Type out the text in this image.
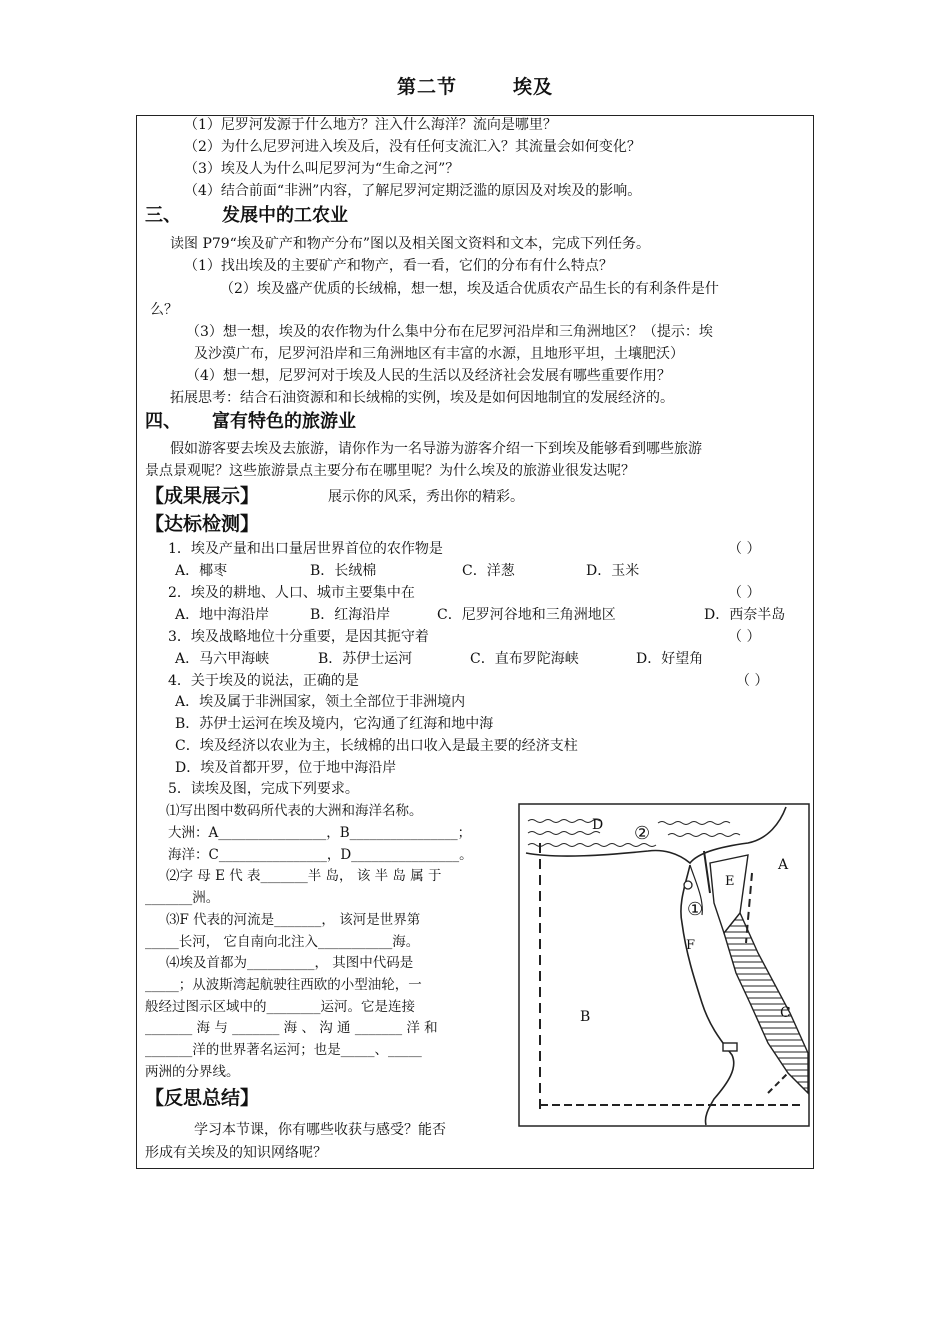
第二节	埃及
（1）尼罗河发源于什么地方？注入什么海洋？流向是哪里？
（2）为什么尼罗河进入埃及后，没有任何支流汇入？其流量会如何变化？
（3）埃及人为什么叫尼罗河为“生命之河”？
（4）结合前面“非洲”内容，了解尼罗河定期泛滥的原因及对埃及的影响。
三、 发展中的工农业
读图 P79“埃及矿产和物产分布”图以及相关图文资料和文本，完成下列任务。
（1）找出埃及的主要矿产和物产，看一看，它们的分布有什么特点？
（2）埃及盛产优质的长绒棉，想一想，埃及适合优质农产品生长的有利条件是什
么？
（3）想一想，埃及的农作物为什么集中分布在尼罗河沿岸和三角洲地区？（提示：埃
及沙漠广布，尼罗河沿岸和三角洲地区有丰富的水源，且地形平坦，土壤肥沃）
（4）想一想，尼罗河对于埃及人民的生活以及经济社会发展有哪些重要作用？
拓展思考：结合石油资源和和长绒棉的实例，埃及是如何因地制宜的发展经济的。
四、 富有特色的旅游业
假如游客要去埃及去旅游，请你作为一名导游为游客介绍一下到埃及能够看到哪些旅游
景点景观呢？这些旅游景点主要分布在哪里呢？为什么埃及的旅游业很发达呢？
【成果展示】	展示你的风采，秀出你的精彩。
【达标检测】
1．埃及产量和出口量居世界首位的农作物是	（ ）
A．椰枣	B．长绒棉	C．洋葱	D．玉米
2．埃及的耕地、人口、城市主要集中在	（ ）
A．地中海沿岸	B．红海沿岸	C．尼罗河谷地和三角洲地区	D．西奈半岛
3．埃及战略地位十分重要，是因其扼守着	（ ）
A．马六甲海峡	B．苏伊士运河	C．直布罗陀海峡	D．好望角
4．关于埃及的说法，正确的是	（ ）
A．埃及属于非洲国家，领土全部位于非洲境内
B．苏伊士运河在埃及境内，它沟通了红海和地中海
C．埃及经济以农业为主，长绒棉的出口收入是最主要的经济支柱
D．埃及首都开罗，位于地中海沿岸
5．读埃及图，完成下列要求。
⑴写出图中数码所代表的大洲和海洋名称。
大洲：A________________，B________________；
海洋：C________________，D________________。
⑵字 母 E 代 表_______半 岛， 该 半 岛 属 于
_______洲。
⑶F 代表的河流是_______， 该河是世界第
_____长河， 它自南向北注入___________海。
⑷埃及首都为__________， 其图中代码是
_____；从波斯湾起航驶往西欧的小型油轮，一
般经过图示区域中的________运河。它是连接
_______ 海 与 _______ 海 、 沟 通 _______ 洋 和
_______洋的世界著名运河；也是_____、_____
两洲的分界线。
【反思总结】
学习本节课，你有哪些收获与感受？能否
形成有关埃及的知识网络呢？
D ②
A
E
①
F
C
B
